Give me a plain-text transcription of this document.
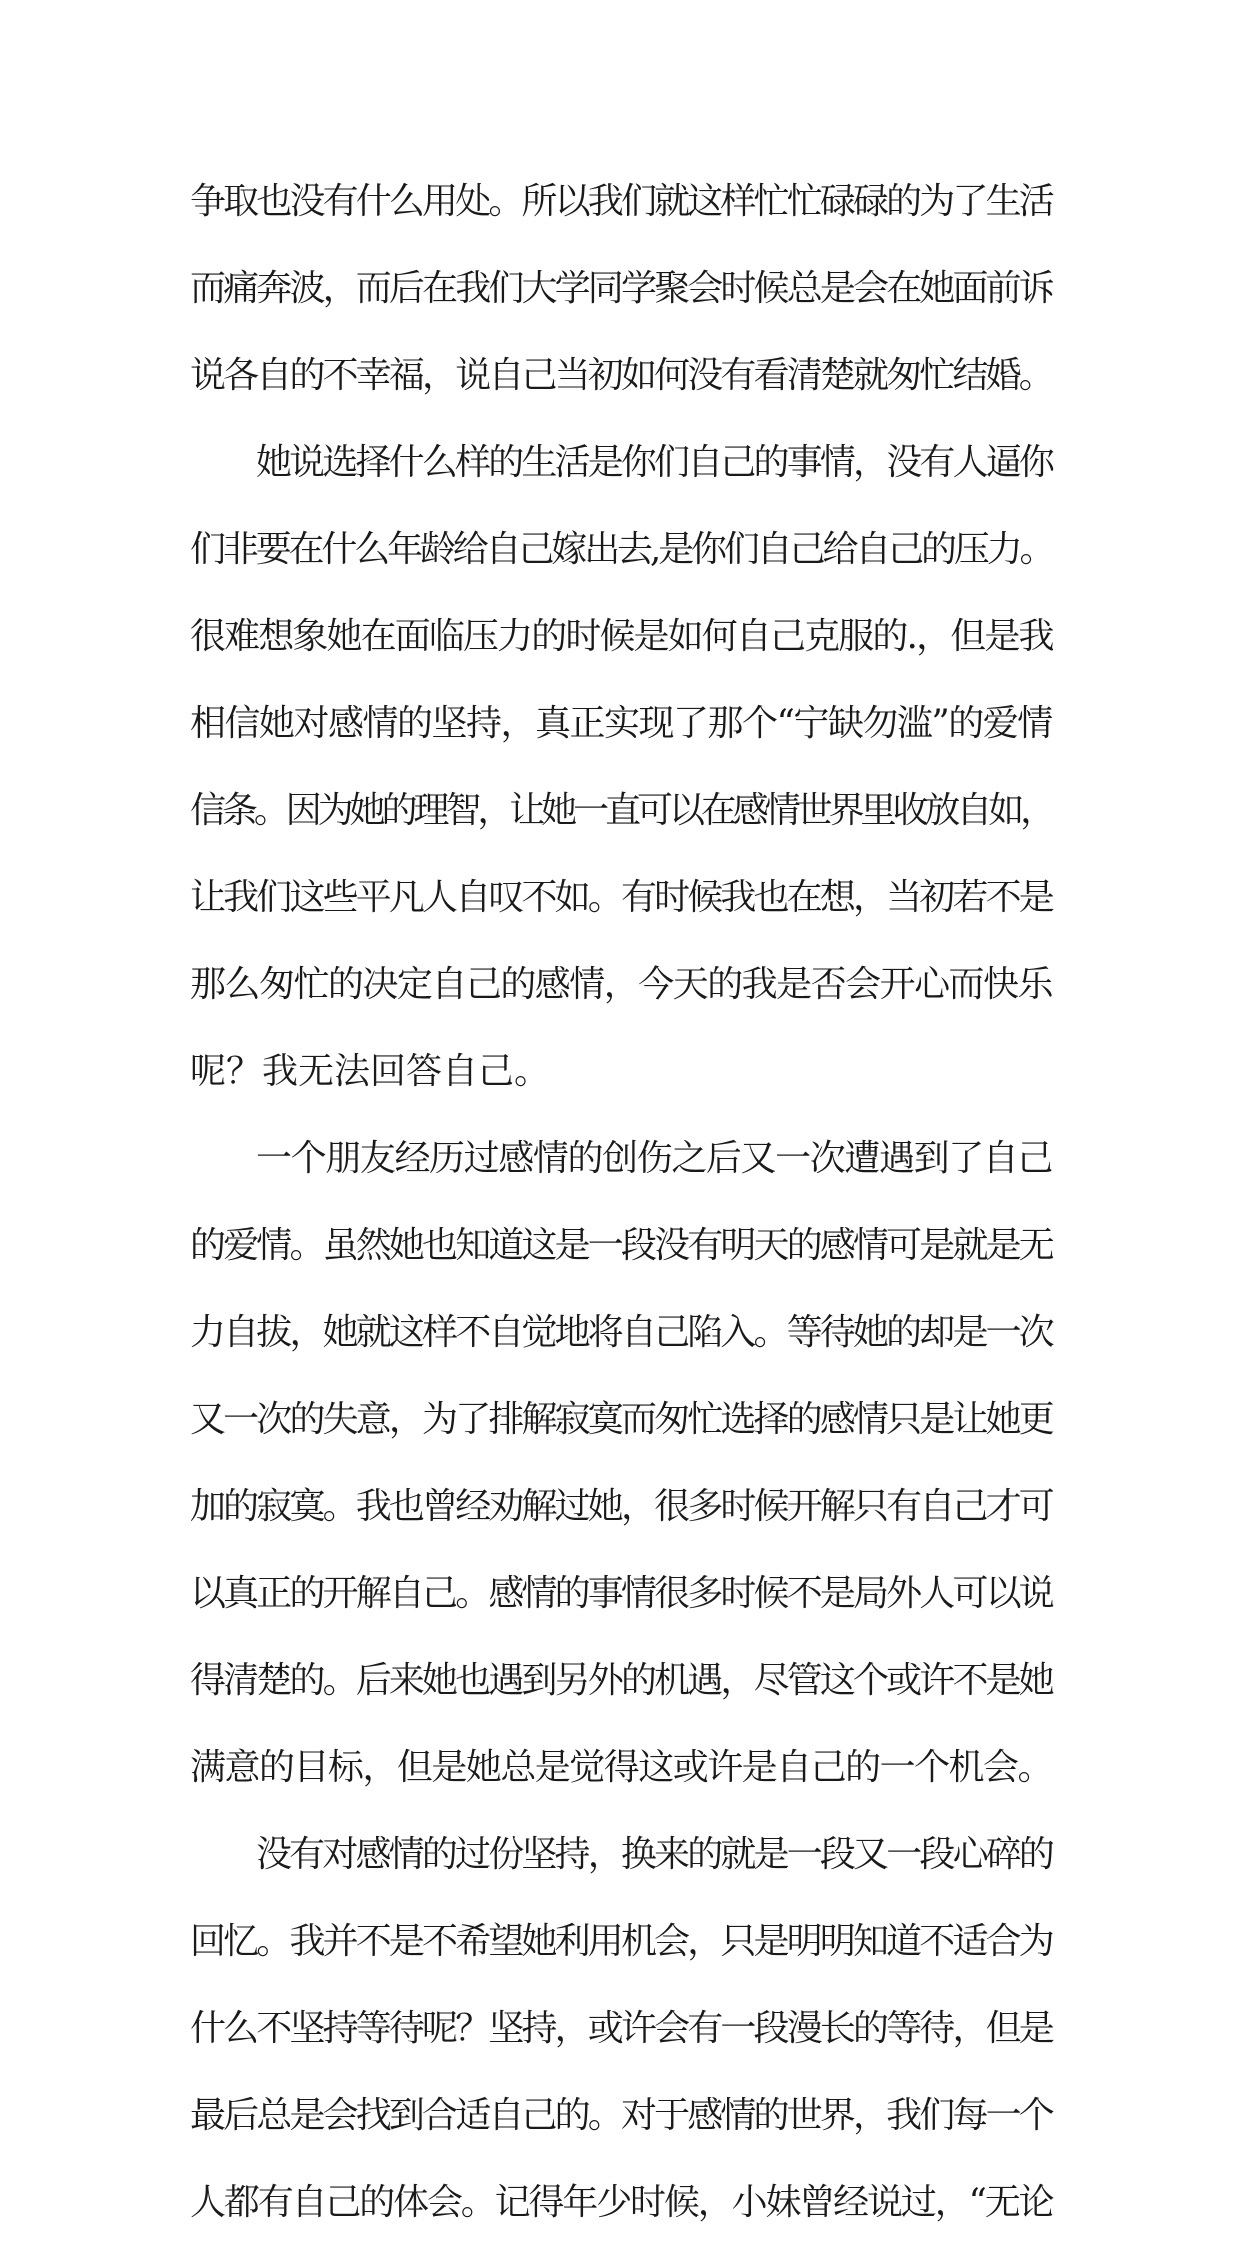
争取也没有什么用处。所以我们就这样忙忙碌碌的为了生活
而痛奔波，而后在我们大学同学聚会时候总是会在她面前诉
说各自的不幸福，说自己当初如何没有看清楚就匆忙结婚。
她说选择什么样的生活是你们自己的事情，没有人逼你
们非要在什么年龄给自己嫁出去,是你们自己给自己的压力。
很难想象她在面临压力的时候是如何自己克服的.，但是我
相信她对感情的坚持，真正实现了那个“宁缺勿滥”的爱情
信条。因为她的理智，让她一直可以在感情世界里收放自如，
让我们这些平凡人自叹不如。有时候我也在想，当初若不是
那么匆忙的决定自己的感情，今天的我是否会开心而快乐
呢？我无法回答自己。
一个朋友经历过感情的创伤之后又一次遭遇到了自己
的爱情。虽然她也知道这是一段没有明天的感情可是就是无
力自拔，她就这样不自觉地将自己陷入。等待她的却是一次
又一次的失意，为了排解寂寞而匆忙选择的感情只是让她更
加的寂寞。我也曾经劝解过她，很多时候开解只有自己才可
以真正的开解自己。感情的事情很多时候不是局外人可以说
得清楚的。后来她也遇到另外的机遇，尽管这个或许不是她
满意的目标，但是她总是觉得这或许是自己的一个机会。
没有对感情的过份坚持，换来的就是一段又一段心碎的
回忆。我并不是不希望她利用机会，只是明明知道不适合为
什么不坚持等待呢？坚持，或许会有一段漫长的等待，但是
最后总是会找到合适自己的。对于感情的世界，我们每一个
人都有自己的体会。记得年少时候，小妹曾经说过，“无论
